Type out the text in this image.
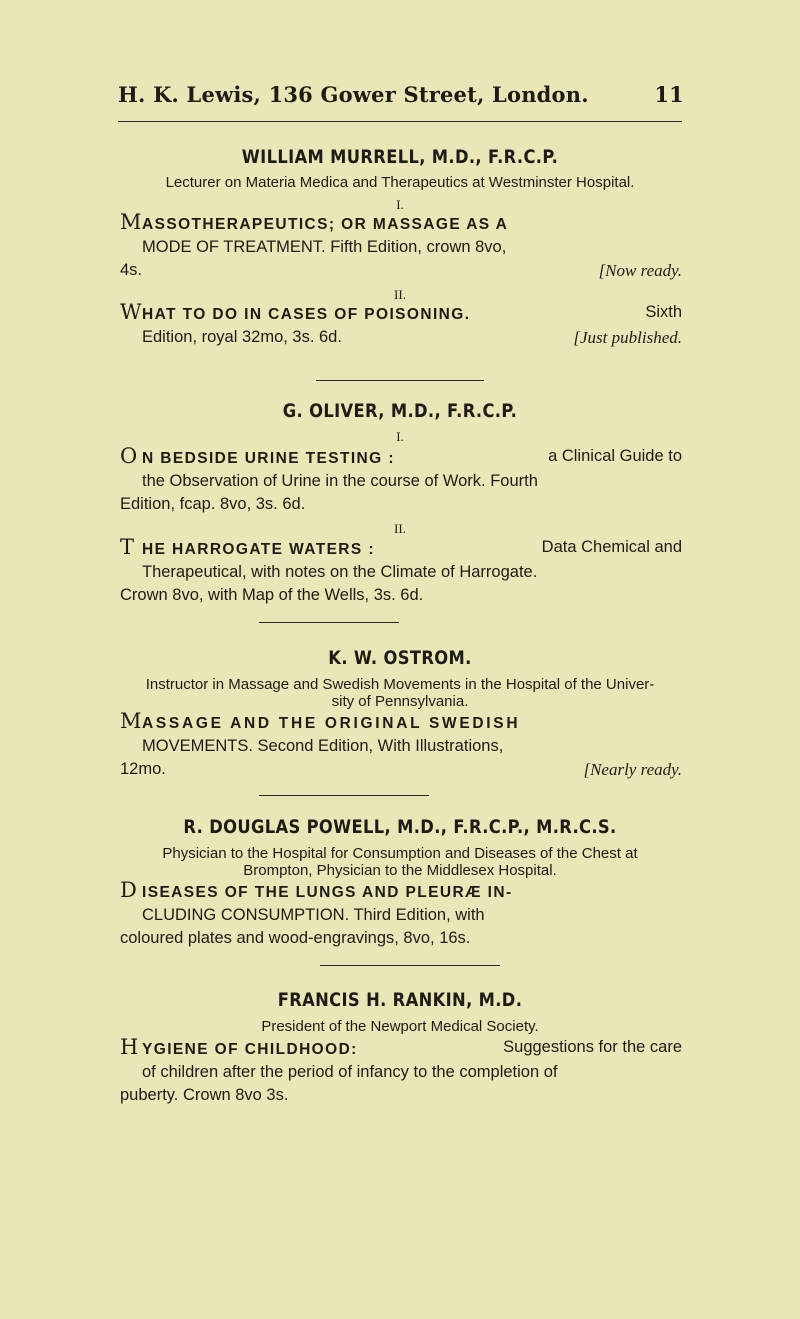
H. K. Lewis, 136 Gower Street, London.	11
WILLIAM MURRELL, M.D., F.R.C.P.
Lecturer on Materia Medica and Therapeutics at Westminster Hospital.
I.
MASSOTHERAPEUTICS; OR MASSAGE AS A
MODE OF TREATMENT. Fifth Edition, crown 8vo,
4s.	[Now ready.
II.
WHAT TO DO IN CASES OF POISONING.	Sixth
Edition, royal 32mo, 3s. 6d.	[Just published.
G. OLIVER, M.D., F.R.C.P.
I.
O N BEDSIDE URINE TESTING :	a Clinical Guide to
the Observation of Urine in the course of Work. Fourth
Edition, fcap. 8vo, 3s. 6d.
II.
T HE HARROGATE WATERS :	Data Chemical and
Therapeutical, with notes on the Climate of Harrogate.
Crown 8vo, with Map of the Wells, 3s. 6d.
K. W. OSTROM.
Instructor in Massage and Swedish Movements in the Hospital of the Univer-
sity of Pennsylvania.
MASSAGE AND THE ORIGINAL SWEDISH
MOVEMENTS. Second Edition, With Illustrations,
12mo.	[Nearly ready.
R. DOUGLAS POWELL, M.D., F.R.C.P., M.R.C.S.
Physician to the Hospital for Consumption and Diseases of the Chest at
Brompton, Physician to the Middlesex Hospital.
D ISEASES OF THE LUNGS AND PLEURÆ IN-
CLUDING CONSUMPTION. Third Edition, with
coloured plates and wood-engravings, 8vo, 16s.
FRANCIS H. RANKIN, M.D.
President of the Newport Medical Society.
H YGIENE OF CHILDHOOD:	Suggestions for the care
of children after the period of infancy to the completion of
puberty. Crown 8vo 3s.
